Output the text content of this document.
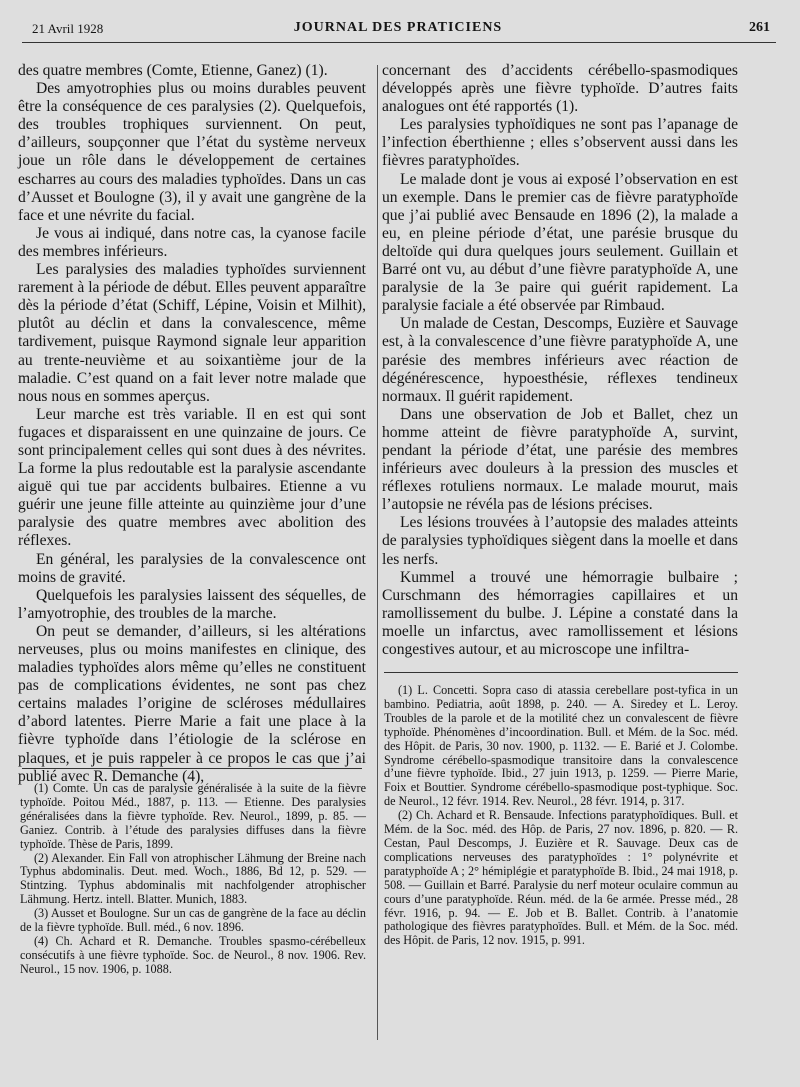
21 Avril 1928	JOURNAL DES PRATICIENS	261

des quatre membres (Comte, Etienne, Ganez) (1).

Des amyotrophies plus ou moins durables peuvent être la conséquence de ces paralysies (2). Quelquefois, des troubles trophiques surviennent. On peut, d’ailleurs, soupçonner que l’état du système nerveux joue un rôle dans le développement de certaines escharres au cours des maladies typhoïdes. Dans un cas d’Ausset et Boulogne (3), il y avait une gangrène de la face et une névrite du facial.

Je vous ai indiqué, dans notre cas, la cyanose facile des membres inférieurs.

Les paralysies des maladies typhoïdes surviennent rarement à la période de début. Elles peuvent apparaître dès la période d’état (Schiff, Lépine, Voisin et Milhit), plutôt au déclin et dans la convalescence, même tardivement, puisque Raymond signale leur apparition au trente-neuvième et au soixantième jour de la maladie. C’est quand on a fait lever notre malade que nous nous en sommes aperçus.

Leur marche est très variable. Il en est qui sont fugaces et disparaissent en une quinzaine de jours. Ce sont principalement celles qui sont dues à des névrites. La forme la plus redoutable est la paralysie ascendante aiguë qui tue par accidents bulbaires. Etienne a vu guérir une jeune fille atteinte au quinzième jour d’une paralysie des quatre membres avec abolition des réflexes.

En général, les paralysies de la convalescence ont moins de gravité.

Quelquefois les paralysies laissent des séquelles, de l’amyotrophie, des troubles de la marche.

On peut se demander, d’ailleurs, si les altérations nerveuses, plus ou moins manifestes en clinique, des maladies typhoïdes alors même qu’elles ne constituent pas de complications évidentes, ne sont pas chez certains malades l’origine de scléroses médullaires d’abord latentes. Pierre Marie a fait une place à la fièvre typhoïde dans l’étiologie de la sclérose en plaques, et je puis rappeler à ce propos le cas que j’ai publié avec R. Demanche (4),

(1) Comte. Un cas de paralysie généralisée à la suite de la fièvre typhoïde. Poitou Méd., 1887, p. 113. — Etienne. Des paralysies généralisées dans la fièvre typhoïde. Rev. Neurol., 1899, p. 85. — Ganiez. Contrib. à l’étude des paralysies diffuses dans la fièvre typhoïde. Thèse de Paris, 1899.

(2) Alexander. Ein Fall von atrophischer Lähmung der Breine nach Typhus abdominalis. Deut. med. Woch., 1886, Bd 12, p. 529. — Stintzing. Typhus abdominalis mit nachfolgender atrophischer Lähmung. Hertz. intell. Blatter. Munich, 1883.

(3) Ausset et Boulogne. Sur un cas de gangrène de la face au déclin de la fièvre typhoïde. Bull. méd., 6 nov. 1896.

(4) Ch. Achard et R. Demanche. Troubles spasmo-cérébelleux consécutifs à une fièvre typhoïde. Soc. de Neurol., 8 nov. 1906. Rev. Neurol., 15 nov. 1906, p. 1088.

concernant des d’accidents cérébello-spasmodiques développés après une fièvre typhoïde. D’autres faits analogues ont été rapportés (1).

Les paralysies typhoïdiques ne sont pas l’apanage de l’infection éberthienne ; elles s’observent aussi dans les fièvres paratyphoïdes.

Le malade dont je vous ai exposé l’observation en est un exemple. Dans le premier cas de fièvre paratyphoïde que j’ai publié avec Bensaude en 1896 (2), la malade a eu, en pleine période d’état, une parésie brusque du deltoïde qui dura quelques jours seulement. Guillain et Barré ont vu, au début d’une fièvre paratyphoïde A, une paralysie de la 3e paire qui guérit rapidement. La paralysie faciale a été observée par Rimbaud.

Un malade de Cestan, Descomps, Euzière et Sauvage est, à la convalescence d’une fièvre paratyphoïde A, une parésie des membres inférieurs avec réaction de dégénérescence, hypoesthésie, réflexes tendineux normaux. Il guérit rapidement.

Dans une observation de Job et Ballet, chez un homme atteint de fièvre paratyphoïde A, survint, pendant la période d’état, une parésie des membres inférieurs avec douleurs à la pression des muscles et réflexes rotuliens normaux. Le malade mourut, mais l’autopsie ne révéla pas de lésions précises.

Les lésions trouvées à l’autopsie des malades atteints de paralysies typhoïdiques siègent dans la moelle et dans les nerfs.

Kummel a trouvé une hémorragie bulbaire ; Curschmann des hémorragies capillaires et un ramollissement du bulbe. J. Lépine a constaté dans la moelle un infarctus, avec ramollissement et lésions congestives autour, et au microscope une infiltra-

(1) L. Concetti. Sopra caso di atassia cerebellare post-tyfica in un bambino. Pediatria, août 1898, p. 240. — A. Siredey et L. Leroy. Troubles de la parole et de la motilité chez un convalescent de fièvre typhoïde. Phénomènes d’incoordination. Bull. et Mém. de la Soc. méd. des Hôpit. de Paris, 30 nov. 1900, p. 1132. — E. Barié et J. Colombe. Syndrome cérébello-spasmodique transitoire dans la convalescence d’une fièvre typhoïde. Ibid., 27 juin 1913, p. 1259. — Pierre Marie, Foix et Bouttier. Syndrome cérébello-spasmodique post-typhique. Soc. de Neurol., 12 févr. 1914. Rev. Neurol., 28 févr. 1914, p. 317.

(2) Ch. Achard et R. Bensaude. Infections paratyphoïdiques. Bull. et Mém. de la Soc. méd. des Hôp. de Paris, 27 nov. 1896, p. 820. — R. Cestan, Paul Descomps, J. Euzière et R. Sauvage. Deux cas de complications nerveuses des paratyphoïdes : 1° polynévrite et paratyphoïde A ; 2° hémiplégie et paratyphoïde B. Ibid., 24 mai 1918, p. 508. — Guillain et Barré. Paralysie du nerf moteur oculaire commun au cours d’une paratyphoïde. Réun. méd. de la 6e armée. Presse méd., 28 févr. 1916, p. 94. — E. Job et B. Ballet. Contrib. à l’anatomie pathologique des fièvres paratyphoïdes. Bull. et Mém. de la Soc. méd. des Hôpit. de Paris, 12 nov. 1915, p. 991.
